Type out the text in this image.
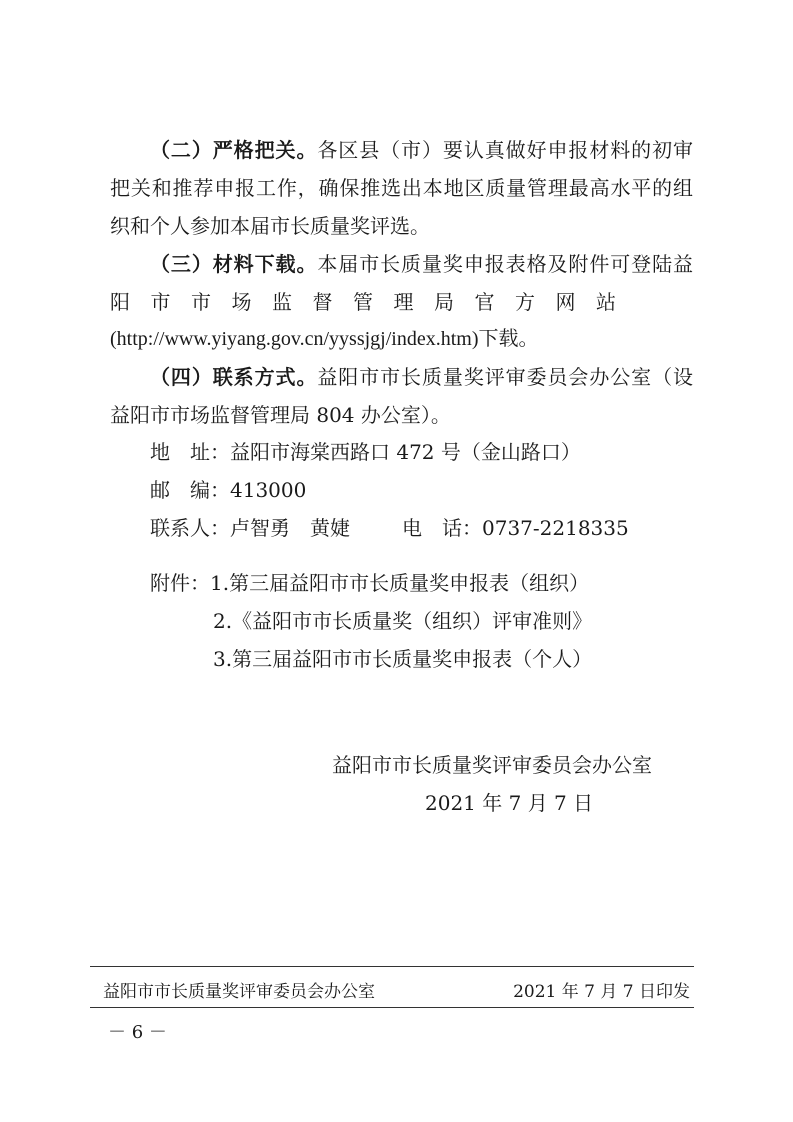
（二）严格把关。各区县（市）要认真做好申报材料的初审
把关和推荐申报工作，确保推选出本地区质量管理最高水平的组
织和个人参加本届市长质量奖评选。
（三）材料下载。本届市长质量奖申报表格及附件可登陆益
阳市市场监督管理局官方网站
(http://www.yiyang.gov.cn/yyssjgj/index.htm)下载。
（四）联系方式。益阳市市长质量奖评审委员会办公室（设
益阳市市场监督管理局 804 办公室）。
地　址：益阳市海棠西路口 472 号（金山路口）
邮　编：413000
联系人：卢智勇　黄婕	电　话：0737-2218335
附件：1.第三届益阳市市长质量奖申报表（组织）
2.《益阳市市长质量奖（组织）评审准则》
3.第三届益阳市市长质量奖申报表（个人）
益阳市市长质量奖评审委员会办公室
2021 年 7 月 7 日
益阳市市长质量奖评审委员会办公室	2021 年 7 月 7 日印发
－ 6 －
